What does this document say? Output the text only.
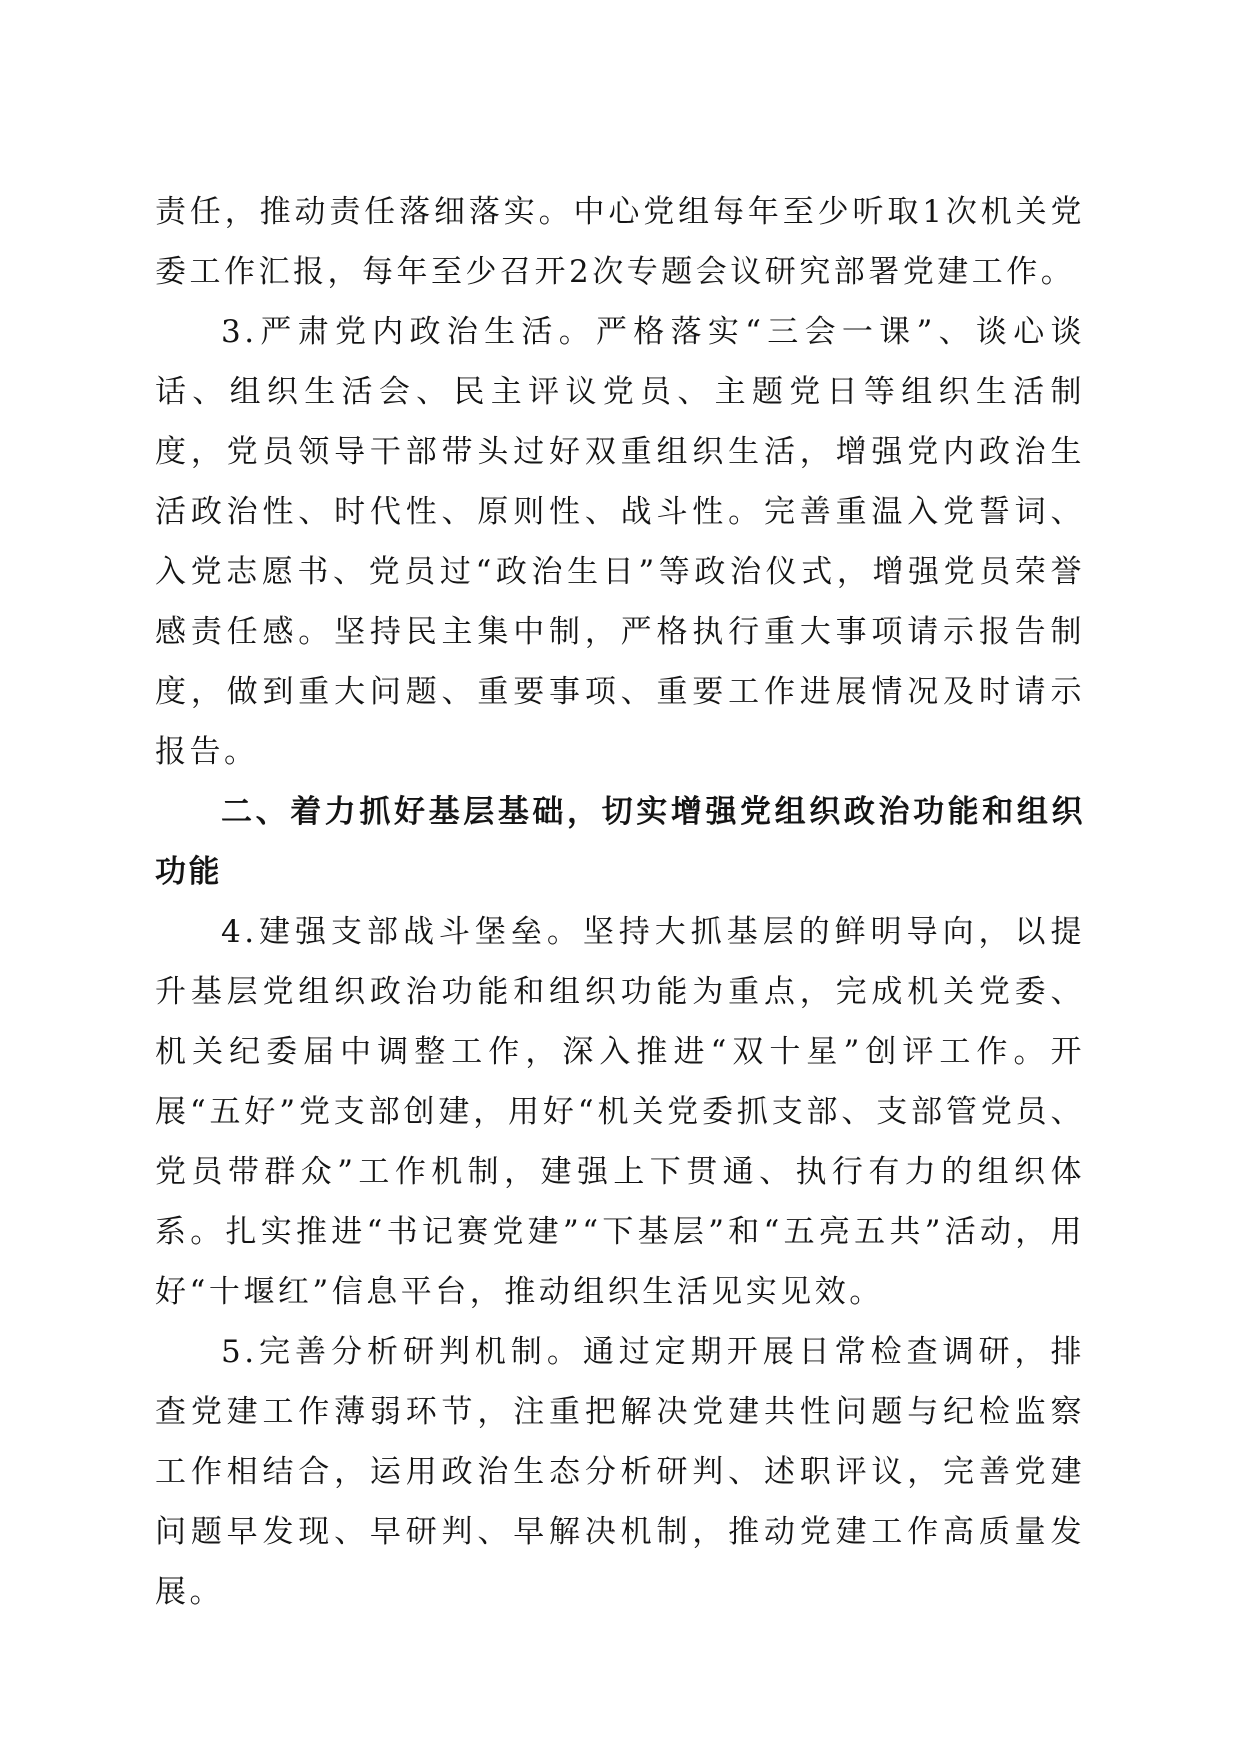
责任，推动责任落细落实。中心党组每年至少听取1次机关党委工作汇报，每年至少召开2次专题会议研究部署党建工作。

3.严肃党内政治生活。严格落实“三会一课”、谈心谈话、组织生活会、民主评议党员、主题党日等组织生活制度，党员领导干部带头过好双重组织生活，增强党内政治生活政治性、时代性、原则性、战斗性。完善重温入党誓词、入党志愿书、党员过“政治生日”等政治仪式，增强党员荣誉感责任感。坚持民主集中制，严格执行重大事项请示报告制度，做到重大问题、重要事项、重要工作进展情况及时请示报告。

二、着力抓好基层基础，切实增强党组织政治功能和组织功能

4.建强支部战斗堡垒。坚持大抓基层的鲜明导向，以提升基层党组织政治功能和组织功能为重点，完成机关党委、机关纪委届中调整工作，深入推进“双十星”创评工作。开展“五好”党支部创建，用好“机关党委抓支部、支部管党员、党员带群众”工作机制，建强上下贯通、执行有力的组织体系。扎实推进“书记赛党建”“下基层”和“五亮五共”活动，用好“十堰红”信息平台，推动组织生活见实见效。

5.完善分析研判机制。通过定期开展日常检查调研，排查党建工作薄弱环节，注重把解决党建共性问题与纪检监察工作相结合，运用政治生态分析研判、述职评议，完善党建问题早发现、早研判、早解决机制，推动党建工作高质量发展。
